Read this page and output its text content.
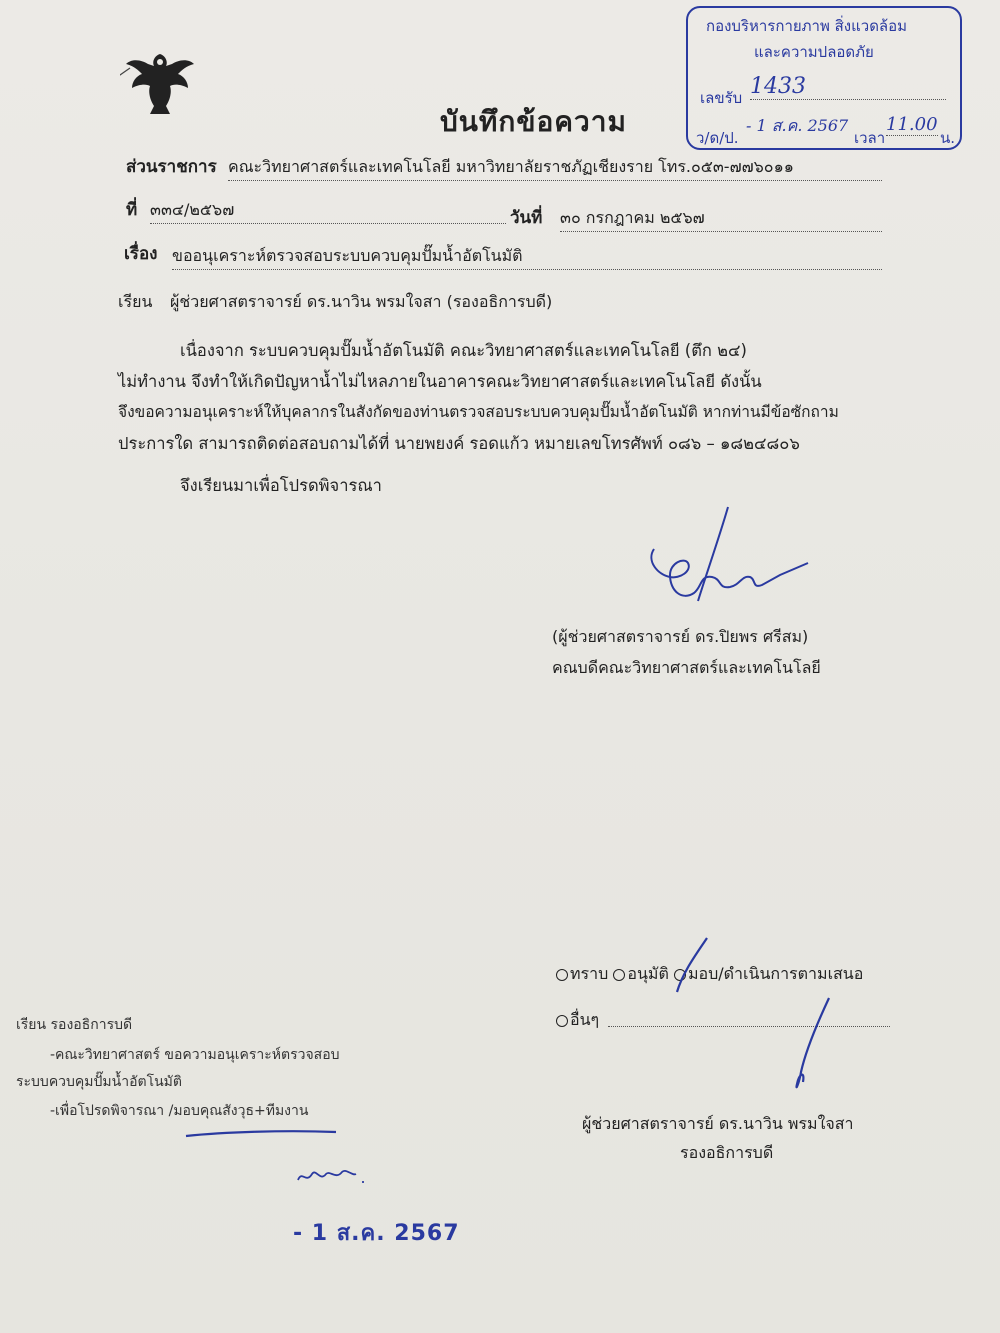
กองบริหารกายภาพ สิ่งแวดล้อม
และความปลอดภัย
เลขรับ 1433
ว/ด/ป.
- 1 ส.ค. 2567
เวลา
11.00
น.
บันทึกข้อความ
ส่วนราชการ คณะวิทยาศาสตร์และเทคโนโลยี มหาวิทยาลัยราชภัฏเชียงราย โทร.๐๕๓-๗๗๖๐๑๑
ที่ ๓๓๔/๒๕๖๗	วันที่ ๓๐ กรกฎาคม ๒๕๖๗
เรื่อง ขออนุเคราะห์ตรวจสอบระบบควบคุมปั๊มน้ำอัตโนมัติ
เรียน ผู้ช่วยศาสตราจารย์ ดร.นาวิน พรมใจสา (รองอธิการบดี)
เนื่องจาก ระบบควบคุมปั๊มน้ำอัตโนมัติ คณะวิทยาศาสตร์และเทคโนโลยี (ตึก ๒๔)
ไม่ทำงาน จึงทำให้เกิดปัญหาน้ำไม่ไหลภายในอาคารคณะวิทยาศาสตร์และเทคโนโลยี ดังนั้น
จึงขอความอนุเคราะห์ให้บุคลากรในสังกัดของท่านตรวจสอบระบบควบคุมปั๊มน้ำอัตโนมัติ หากท่านมีข้อซักถาม
ประการใด สามารถติดต่อสอบถามได้ที่ นายพยงค์ รอดแก้ว หมายเลขโทรศัพท์ ๐๘๖ – ๑๘๒๔๘๐๖
จึงเรียนมาเพื่อโปรดพิจารณา
(ผู้ช่วยศาสตราจารย์ ดร.ปิยพร ศรีสม)
คณบดีคณะวิทยาศาสตร์และเทคโนโลยี
ทราบ อนุมัติ มอบ/ดำเนินการตามเสนอ
อื่นๆ
ผู้ช่วยศาสตราจารย์ ดร.นาวิน พรมใจสา
รองอธิการบดี
เรียน รองอธิการบดี
-คณะวิทยาศาสตร์ ขอความอนุเคราะห์ตรวจสอบ
ระบบควบคุมปั๊มน้ำอัตโนมัติ
-เพื่อโปรดพิจารณา /มอบคุณสังวุธ+ทีมงาน
- 1 ส.ค. 2567
